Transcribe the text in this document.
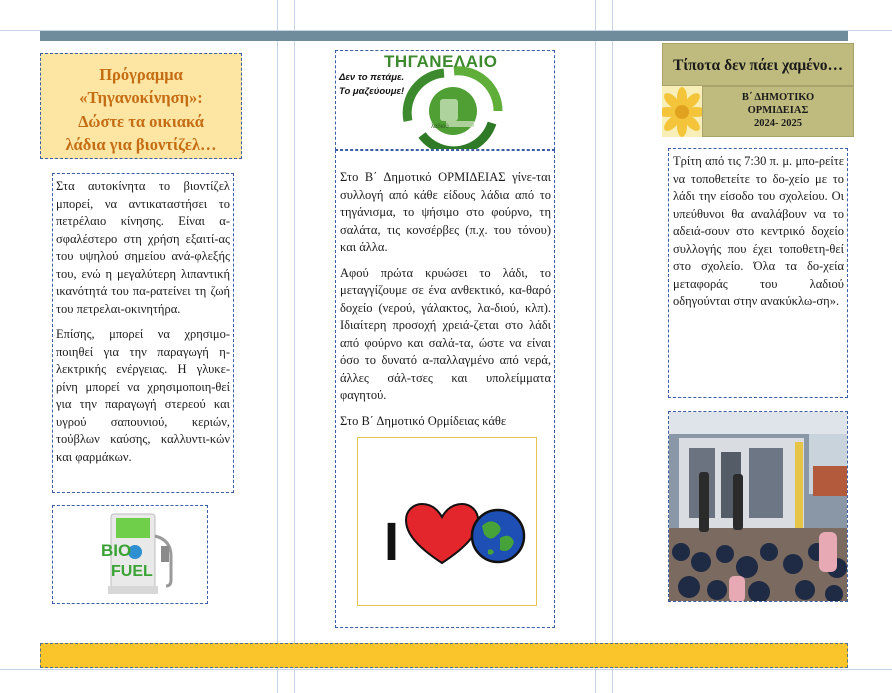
Πρόγραμμα
«Τηγανοκίνηση»:
Δώστε τα οικιακά
λάδια για βιοντίζελ…

Στα αυτοκίνητα το βιοντίζελ μπορεί, να αντικαταστήσει το πετρέλαιο κίνησης. Είναι α-σφαλέστερο στη χρήση εξαιτί-ας του υψηλού σημείου ανά-φλεξής του, ενώ η μεγαλύτερη λιπαντική ικανότητά του πα-ρατείνει τη ζωή του πετρελαι-οκινητήρα.

Επίσης, μπορεί να χρησιμο-ποιηθεί για την παραγωγή η-λεκτρικής ενέργειας. Η γλυκε-ρίνη μπορεί να χρησιμοποιη-θεί για την παραγωγή στερεού και υγρού σαπουνιού, κεριών, τούβλων καύσης, καλλυντι-κών και φαρμάκων.

BIO
FUEL
ΤΗΓΑΝΕΛΑΙΟ
Δεν το πετάμε.
Το μαζεύουμε!
λαδιού

Στο Β΄ Δημοτικό ΟΡΜΙΔΕΙΑΣ γίνε-ται συλλογή από κάθε είδους λάδια από το τηγάνισμα, το ψήσιμο στο φούρνο, τη σαλάτα, τις κονσέρβες (π.χ. του τόνου) και άλλα.

Αφού πρώτα κρυώσει το λάδι, το μεταγγίζουμε σε ένα ανθεκτικό, κα-θαρό δοχείο (νερού, γάλακτος, λα-διού, κλπ). Ιδιαίτερη προσοχή χρειά-ζεται στο λάδι από φούρνο και σαλά-τα, ώστε να είναι όσο το δυνατό α-παλλαγμένο από νερά, άλλες σάλ-τσες και υπολείμματα φαγητού.

Στο Β΄ Δημοτικό Ορμίδειας κάθε

I
Τίποτα δεν πάει χαμένο…
Β΄ ΔΗΜΟΤΙΚΟ
ΟΡΜΙΔΕΙΑΣ
2024- 2025

Τρίτη από τις 7:30 π. μ. μπο-ρείτε να τοποθετείτε το δο-χείο με το λάδι την είσοδο του σχολείου. Οι υπεύθυνοι θα αναλάβουν να το αδειά-σουν στο κεντρικό δοχείο συλλογής που έχει τοποθετη-θεί στο σχολείο. Όλα τα δο-χεία μεταφοράς του λαδιού οδηγούνται στην ανακύκλω-ση».
